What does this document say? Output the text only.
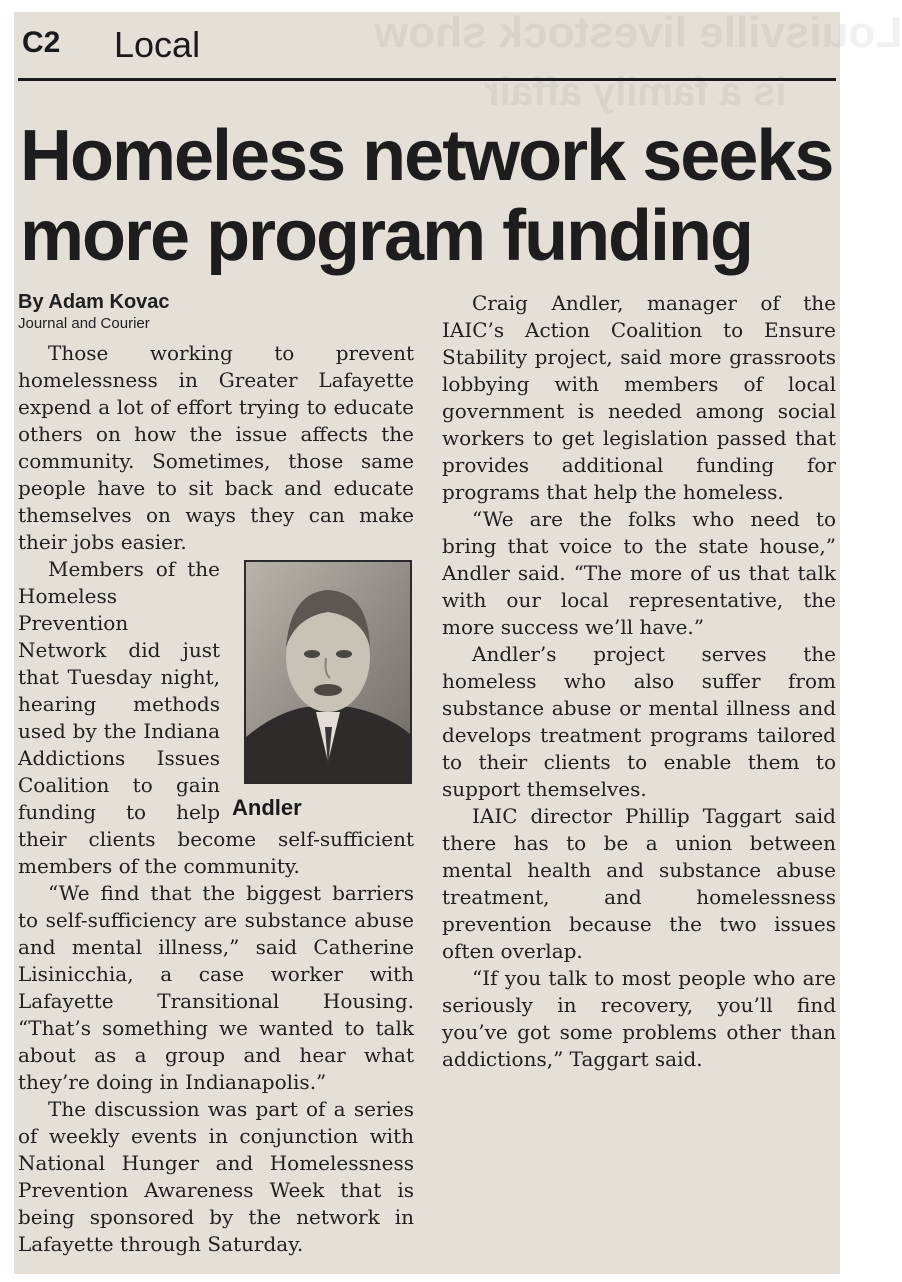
Louisville livestock show
is a family affair
C2 Local
Homeless network seeks more program funding

By Adam Kovac

Journal and Courier

Those working to prevent homelessness in Greater Lafayette expend a lot of effort trying to educate others on how the issue affects the community. Sometimes, those same people have to sit back and educate themselves on ways they can make their jobs easier.

Andler

Members of the Homeless Prevention Network did just that Tuesday night, hearing methods used by the Indiana Addictions Issues Coalition to gain funding to help their clients become self-sufficient members of the community.

“We find that the biggest barriers to self-sufficiency are substance abuse and mental illness,” said Catherine Lisinicchia, a case worker with Lafayette Transitional Housing. “That’s something we wanted to talk about as a group and hear what they’re doing in Indianapolis.”

The discussion was part of a series of weekly events in conjunction with National Hunger and Homelessness Prevention Awareness Week that is being sponsored by the network in Lafayette through Saturday.

Craig Andler, manager of the IAIC’s Action Coalition to Ensure Stability project, said more grassroots lobbying with members of local government is needed among social workers to get legislation passed that provides additional funding for programs that help the homeless.

“We are the folks who need to bring that voice to the state house,” Andler said. “The more of us that talk with our local representative, the more success we’ll have.”

Andler’s project serves the homeless who also suffer from substance abuse or mental illness and develops treatment programs tailored to their clients to enable them to support themselves.

IAIC director Phillip Taggart said there has to be a union between mental health and substance abuse treatment, and homelessness prevention because the two issues often overlap.

“If you talk to most people who are seriously in recovery, you’ll find you’ve got some problems other than addictions,” Taggart said.
